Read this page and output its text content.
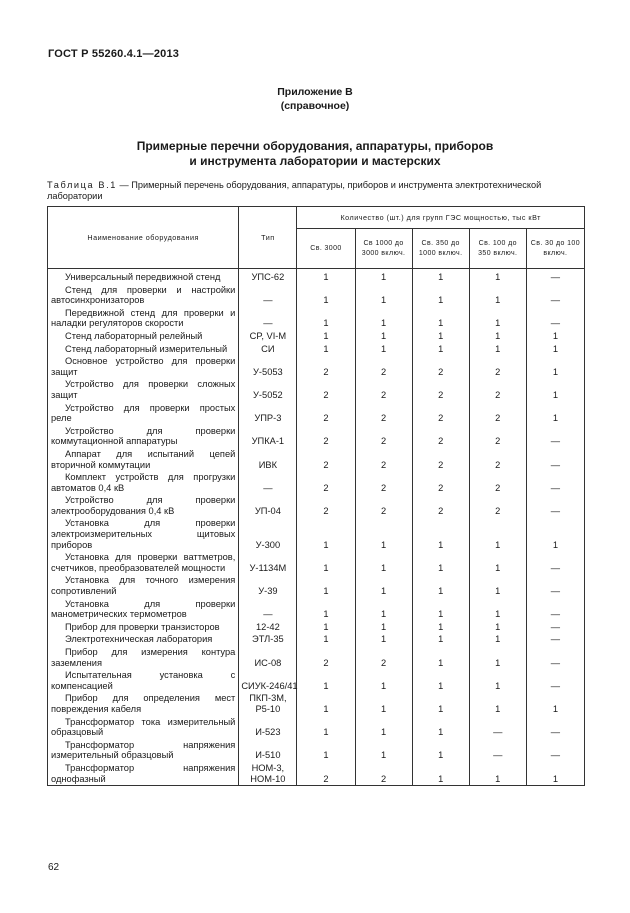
ГОСТ Р 55260.4.1—2013
Приложение В
(справочное)
Примерные перечни оборудования, аппаратуры, приборов
и инструмента лаборатории и мастерских
Таблица В.1 — Примерный перечень оборудования, аппаратуры, приборов и инструмента электротехнической лаборатории
Наименование оборудования	Тип	Количество (шт.) для групп ГЭС мощностью, тыс кВт				
		Св. 3000	Св 1000 до 3000 включ.	Св. 350 до 1000 включ.	Св. 100 до 350 включ.	Св. 30 до 100 включ.

Универсальный передвижной стенд	УПС-62	1	1	1	1	—

Стенд для проверки и настройки автосинхронизаторов	—	1	1	1	1	—

Передвижной стенд для проверки и наладки регуляторов скорости	—	1	1	1	1	—

Стенд лабораторный релейный	CP, VI-M	1	1	1	1	1

Стенд лабораторный измерительный	СИ	1	1	1	1	1

Основное устройство для проверки защит	У-5053	2	2	2	2	1

Устройство для проверки сложных защит	У-5052	2	2	2	2	1

Устройство для проверки простых реле	УПР-3	2	2	2	2	1

Устройство для проверки коммутационной аппаратуры	УПКА-1	2	2	2	2	—

Аппарат для испытаний цепей вторичной коммутации	ИВК	2	2	2	2	—

Комплект устройств для прогрузки автоматов 0,4 кВ	—	2	2	2	2	—

Устройство для проверки электрооборудования 0,4 кВ	УП-04	2	2	2	2	—

Установка для проверки электроизмерительных щитовых приборов	У-300	1	1	1	1	1

Установка для проверки ваттметров, счетчиков, преобразователей мощности	У-1134М	1	1	1	1	—

Установка для точного измерения сопротивлений	У-39	1	1	1	1	—

Установка для проверки манометрических термометров	—	1	1	1	1	—

Прибор для проверки транзисторов	12-42	1	1	1	1	—

Электротехническая лаборатория	ЭТЛ-35	1	1	1	1	—

Прибор для измерения контура заземления	ИС-08	2	2	1	1	—

Испытательная установка с компенсацией	СИУК-246/41	1	1	1	1	—

Прибор для определения мест повреждения кабеля	ПКП-3М, Р5-10	1	1	1	1	1

Трансформатор тока измерительный образцовый	И-523	1	1	1	—	—

Трансформатор напряжения измерительный образцовый	И-510	1	1	1	—	—

Трансформатор напряжения однофазный	НОМ-3, НОМ-10	2	2	1	1	1
62
